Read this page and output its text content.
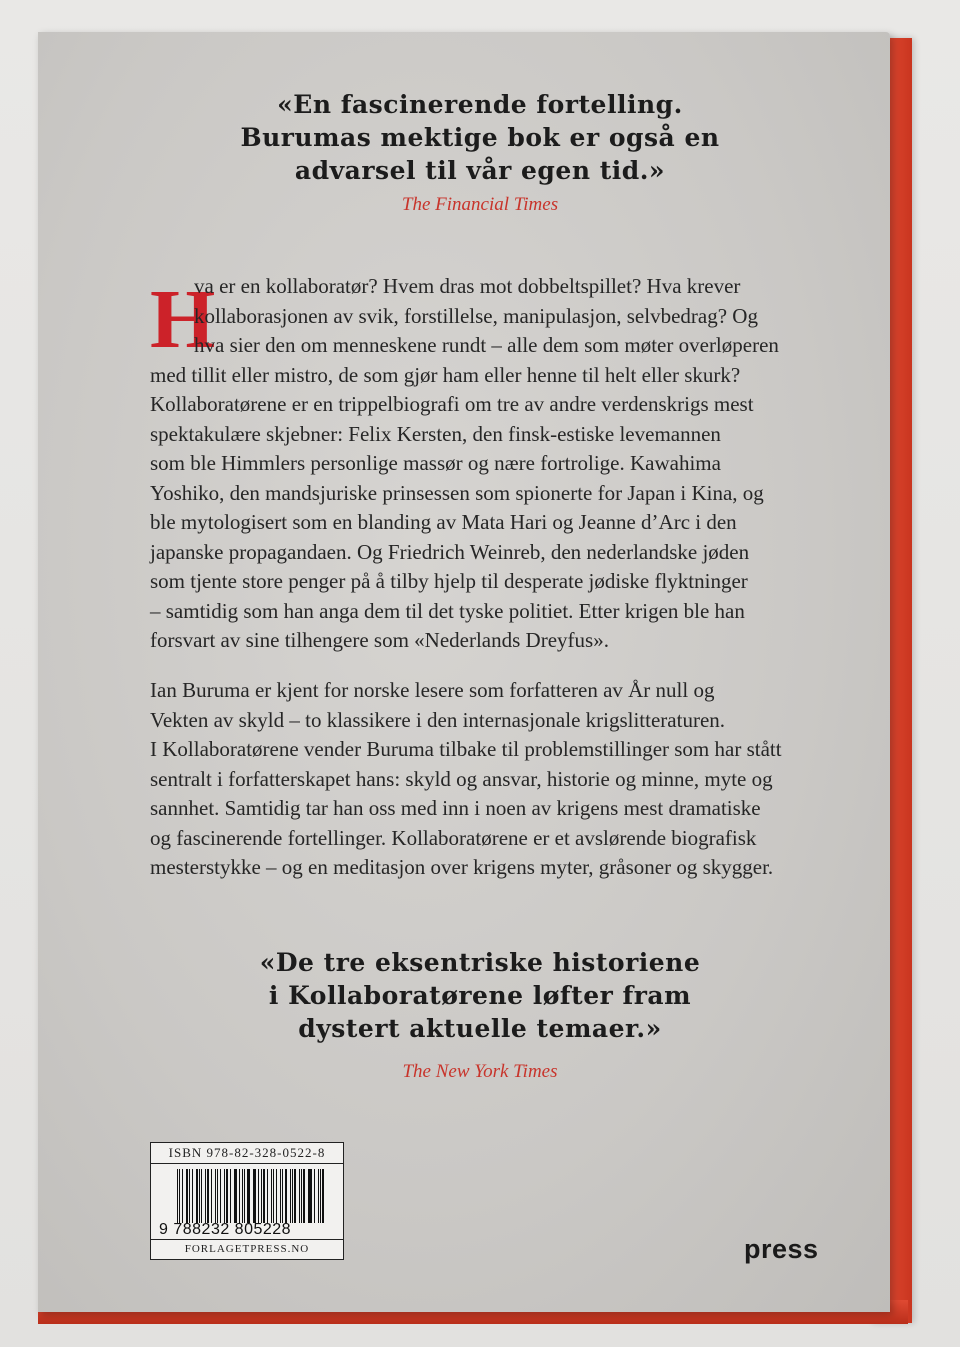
«En fascinerende fortelling.
Burumas mektige bok er også en
advarsel til vår egen tid.»
The Financial Times
H
va er en kollaboratør? Hvem dras mot dobbeltspillet? Hva krever
kollaborasjonen av svik, forstillelse, manipulasjon, selvbedrag? Og
hva sier den om menneskene rundt – alle dem som møter overløperen
med tillit eller mistro, de som gjør ham eller henne til helt eller skurk?
Kollaboratørene er en trippelbiografi om tre av andre verdenskrigs mest
spektakulære skjebner: Felix Kersten, den finsk-estiske levemannen
som ble Himmlers personlige massør og nære fortrolige. Kawahima
Yoshiko, den mandsjuriske prinsessen som spionerte for Japan i Kina, og
ble mytologisert som en blanding av Mata Hari og Jeanne d’Arc i den
japanske propagandaen. Og Friedrich Weinreb, den nederlandske jøden
som tjente store penger på å tilby hjelp til desperate jødiske flyktninger
– samtidig som han anga dem til det tyske politiet. Etter krigen ble han
forsvart av sine tilhengere som «Nederlands Dreyfus».
Ian Buruma er kjent for norske lesere som forfatteren av År null og
Vekten av skyld – to klassikere i den internasjonale krigslitteraturen.
I Kollaboratørene vender Buruma tilbake til problemstillinger som har stått
sentralt i forfatterskapet hans: skyld og ansvar, historie og minne, myte og
sannhet. Samtidig tar han oss med inn i noen av krigens mest dramatiske
og fascinerende fortellinger. Kollaboratørene er et avslørende biografisk
mesterstykke – og en meditasjon over krigens myter, gråsoner og skygger.
«De tre eksentriske historiene
i Kollaboratørene løfter fram
dystert aktuelle temaer.»
The New York Times
ISBN 978-82-328-0522-8
9 788232 805228
FORLAGETPRESS.NO	press
